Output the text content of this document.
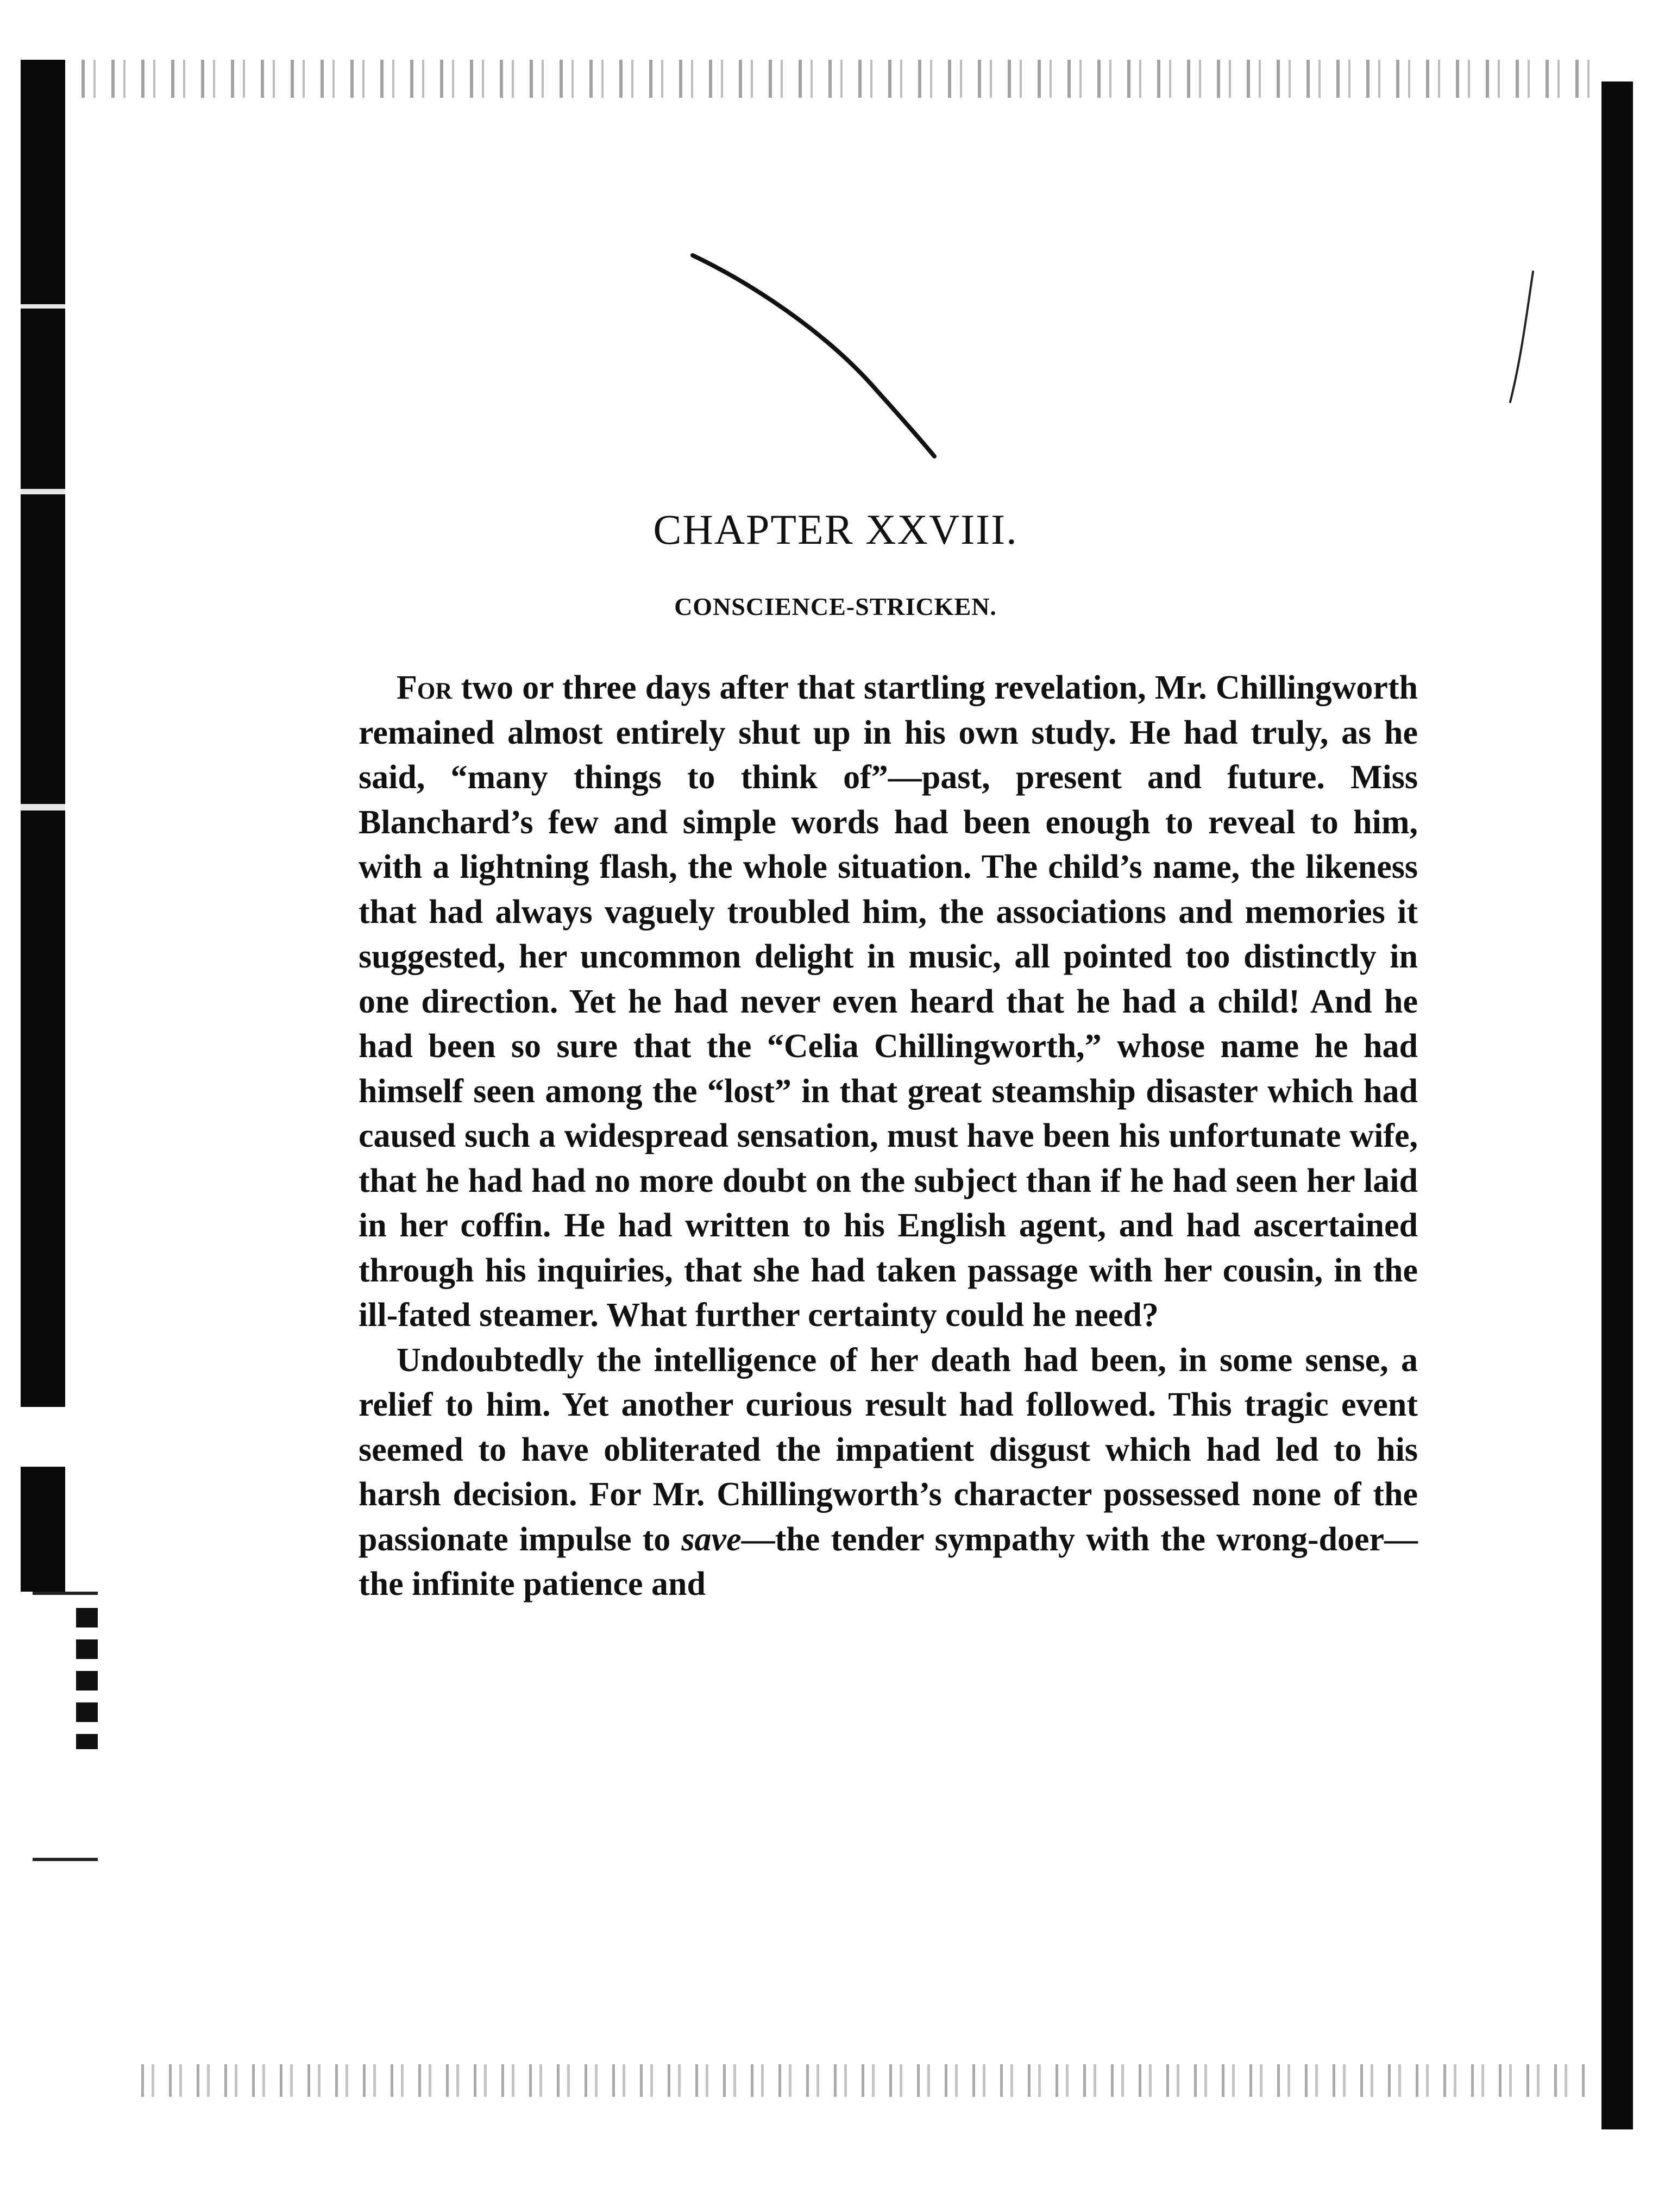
CHAPTER XXVIII.
CONSCIENCE-STRICKEN.

For two or three days after that startling revelation, Mr. Chillingworth remained almost entirely shut up in his own study. He had truly, as he said, “many things to think of”—past, present and future. Miss Blanchard’s few and simple words had been enough to reveal to him, with a lightning flash, the whole situation. The child’s name, the likeness that had always vaguely troubled him, the associations and memories it suggested, her uncommon delight in music, all pointed too distinctly in one direction. Yet he had never even heard that he had a child! And he had been so sure that the “Celia Chillingworth,” whose name he had himself seen among the “lost” in that great steamship disaster which had caused such a widespread sensation, must have been his unfortunate wife, that he had had no more doubt on the subject than if he had seen her laid in her coffin. He had written to his English agent, and had ascertained through his inquiries, that she had taken passage with her cousin, in the ill-fated steamer. What further certainty could he need?

Undoubtedly the intelligence of her death had been, in some sense, a relief to him. Yet another curious result had followed. This tragic event seemed to have obliterated the impatient disgust which had led to his harsh decision. For Mr. Chillingworth’s character possessed none of the passionate impulse to save—the tender sympathy with the wrong-doer—the infinite patience and
